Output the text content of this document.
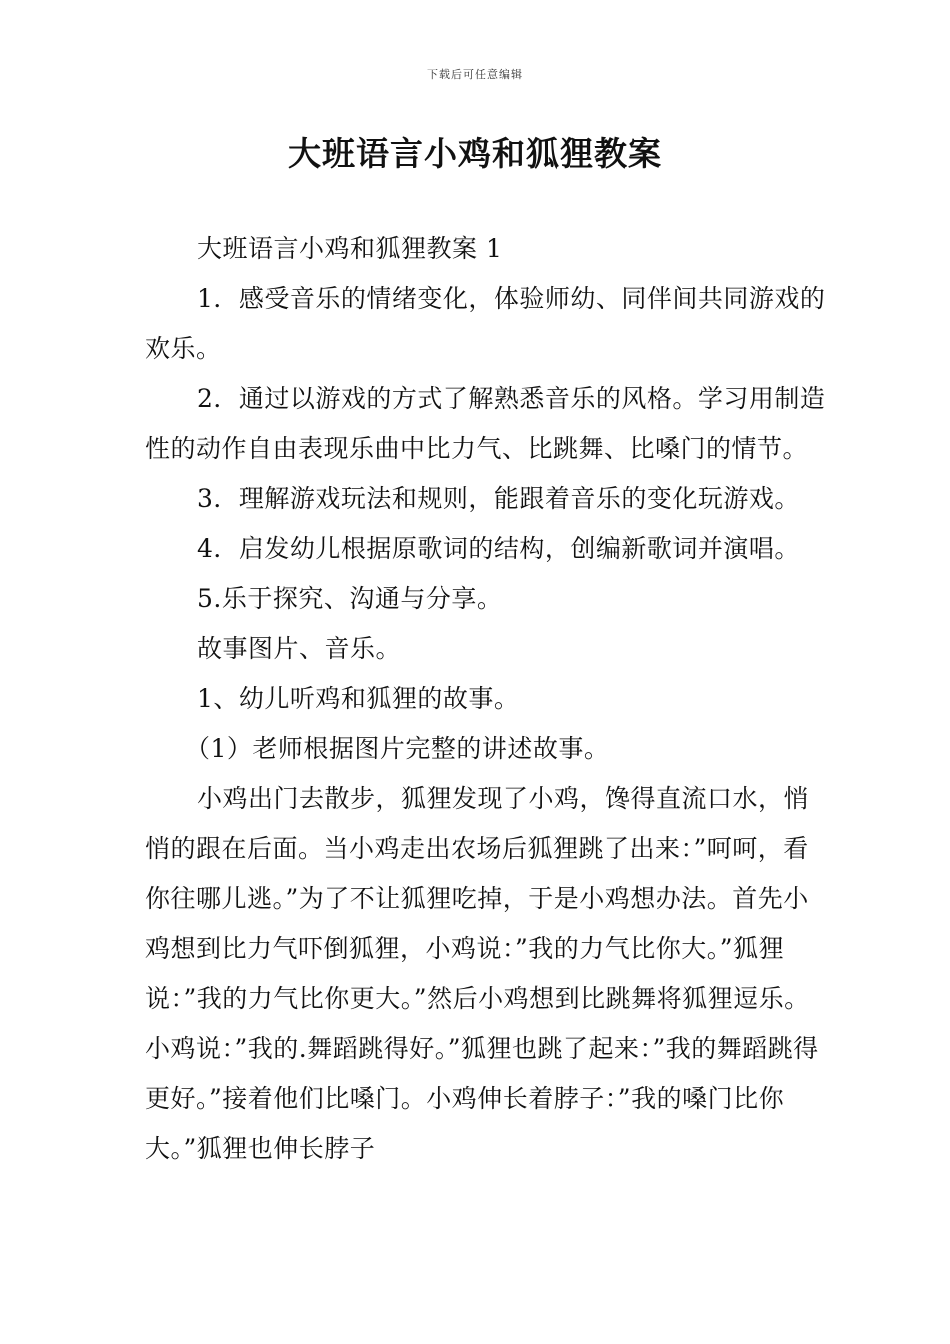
下载后可任意编辑
大班语言小鸡和狐狸教案

大班语言小鸡和狐狸教案 1

1．感受音乐的情绪变化，体验师幼、同伴间共同游戏的欢乐。

2．通过以游戏的方式了解熟悉音乐的风格。学习用制造性的动作自由表现乐曲中比力气、比跳舞、比嗓门的情节。

3．理解游戏玩法和规则，能跟着音乐的变化玩游戏。

4．启发幼儿根据原歌词的结构，创编新歌词并演唱。

5.乐于探究、沟通与分享。

故事图片、音乐。

1、幼儿听鸡和狐狸的故事。

（1）老师根据图片完整的讲述故事。

小鸡出门去散步，狐狸发现了小鸡，馋得直流口水，悄悄的跟在后面。当小鸡走出农场后狐狸跳了出来：”呵呵，看你往哪儿逃。”为了不让狐狸吃掉，于是小鸡想办法。首先小鸡想到比力气吓倒狐狸，小鸡说：”我的力气比你大。”狐狸说：”我的力气比你更大。”然后小鸡想到比跳舞将狐狸逗乐。小鸡说：”我的.舞蹈跳得好。”狐狸也跳了起来：”我的舞蹈跳得更好。”接着他们比嗓门。小鸡伸长着脖子：”我的嗓门比你大。”狐狸也伸长脖子
